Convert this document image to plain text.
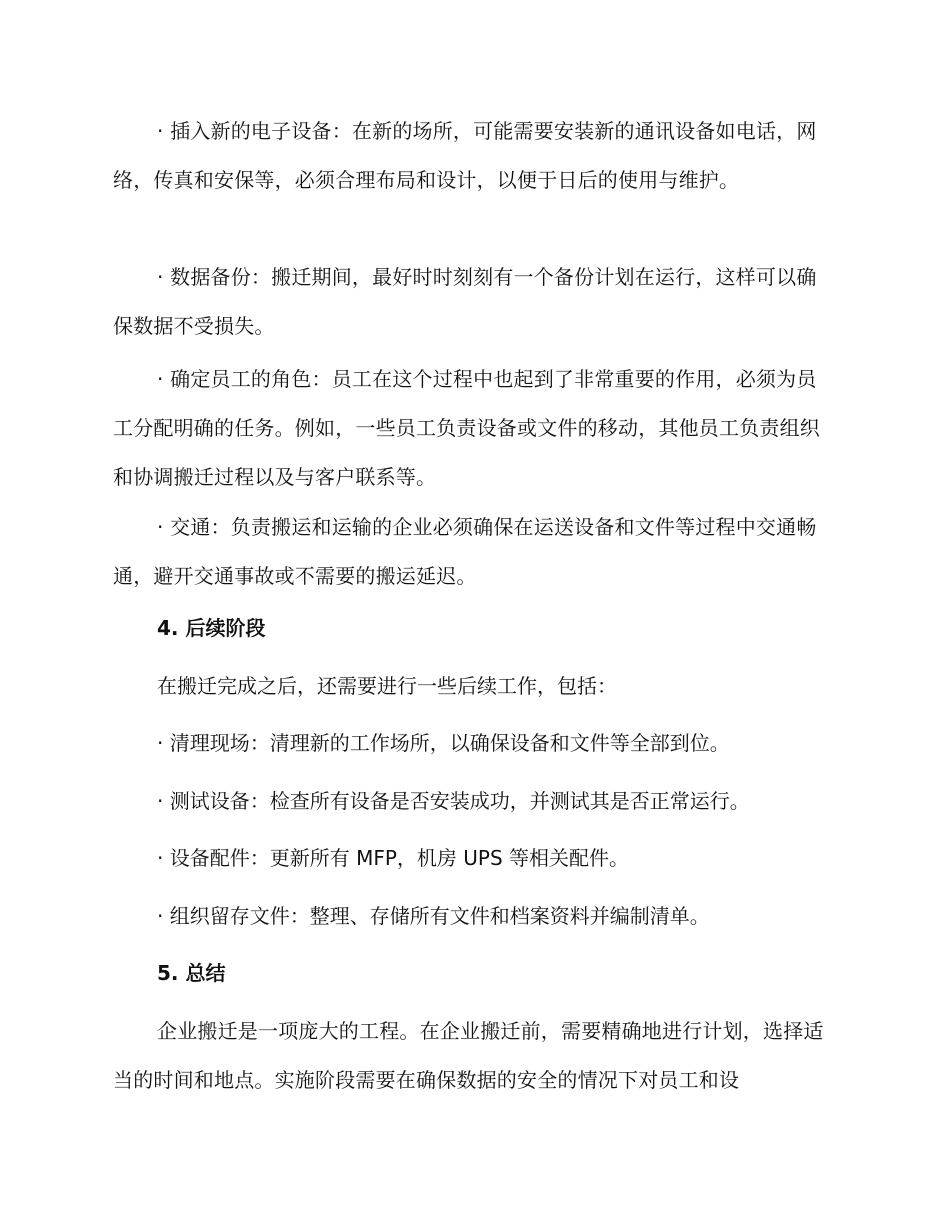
· 插入新的电子设备：在新的场所，可能需要安装新的通讯设备如电话，网络，传真和安保等，必须合理布局和设计，以便于日后的使用与维护。

· 数据备份：搬迁期间，最好时时刻刻有一个备份计划在运行，这样可以确保数据不受损失。

· 确定员工的角色：员工在这个过程中也起到了非常重要的作用，必须为员工分配明确的任务。例如，一些员工负责设备或文件的移动，其他员工负责组织和协调搬迁过程以及与客户联系等。

· 交通：负责搬运和运输的企业必须确保在运送设备和文件等过程中交通畅通，避开交通事故或不需要的搬运延迟。

4. 后续阶段
在搬迁完成之后，还需要进行一些后续工作，包括：
· 清理现场：清理新的工作场所，以确保设备和文件等全部到位。
· 测试设备：检查所有设备是否安装成功，并测试其是否正常运行。
· 设备配件：更新所有 MFP，机房 UPS 等相关配件。
· 组织留存文件：整理、存储所有文件和档案资料并编制清单。
5. 总结

企业搬迁是一项庞大的工程。在企业搬迁前，需要精确地进行计划，选择适当的时间和地点。实施阶段需要在确保数据的安全的情况下对员工和设
